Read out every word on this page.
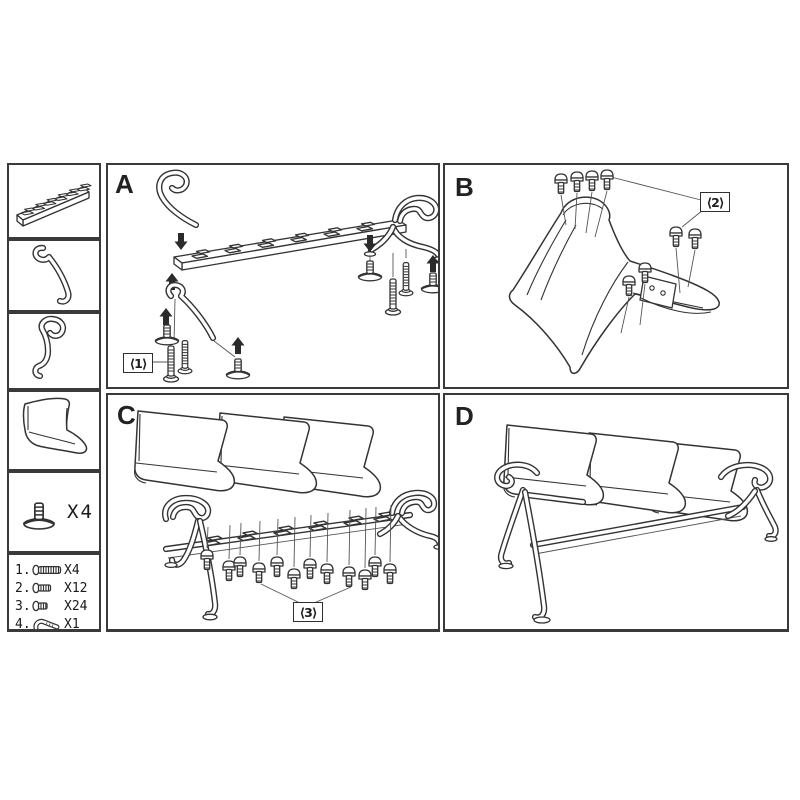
X4
1.	X4
2.	X12
3.	X24
4.	X1
A
⟨1⟩
B	⟨2⟩
C
⟨3⟩
D
